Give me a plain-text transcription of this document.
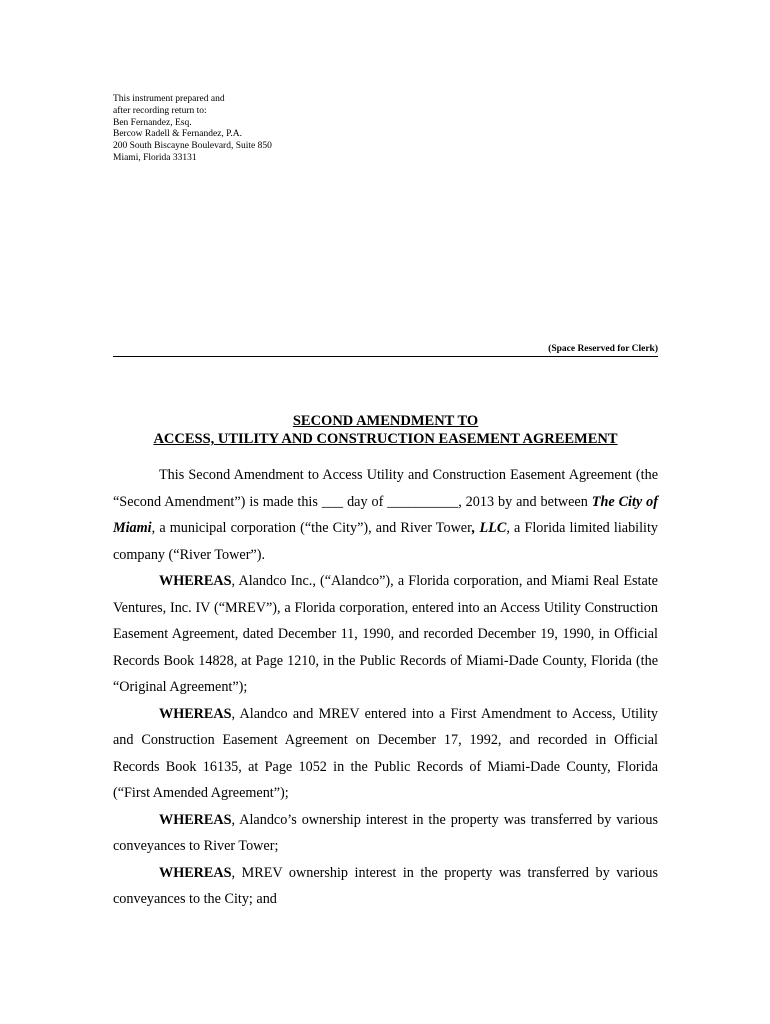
This instrument prepared and
after recording return to:
Ben Fernandez, Esq.
Bercow Radell & Fernandez, P.A.
200 South Biscayne Boulevard, Suite 850
Miami, Florida 33131
(Space Reserved for Clerk)
SECOND AMENDMENT TO
ACCESS, UTILITY AND CONSTRUCTION EASEMENT AGREEMENT

This Second Amendment to Access Utility and Construction Easement Agreement (the “Second Amendment”) is made this ___ day of __________, 2013 by and between The City of Miami, a municipal corporation (“the City”), and River Tower, LLC, a Florida limited liability company (“River Tower”).

WHEREAS, Alandco Inc., (“Alandco”), a Florida corporation, and Miami Real Estate Ventures, Inc. IV (“MREV”), a Florida corporation, entered into an Access Utility Construction Easement Agreement, dated December 11, 1990, and recorded December 19, 1990, in Official Records Book 14828, at Page 1210, in the Public Records of Miami-Dade County, Florida (the “Original Agreement”);

WHEREAS, Alandco and MREV entered into a First Amendment to Access, Utility and Construction Easement Agreement on December 17, 1992, and recorded in Official Records Book 16135, at Page 1052 in the Public Records of Miami-Dade County, Florida (“First Amended Agreement”);

WHEREAS, Alandco’s ownership interest in the property was transferred by various conveyances to River Tower;

WHEREAS, MREV ownership interest in the property was transferred by various conveyances to the City; and
